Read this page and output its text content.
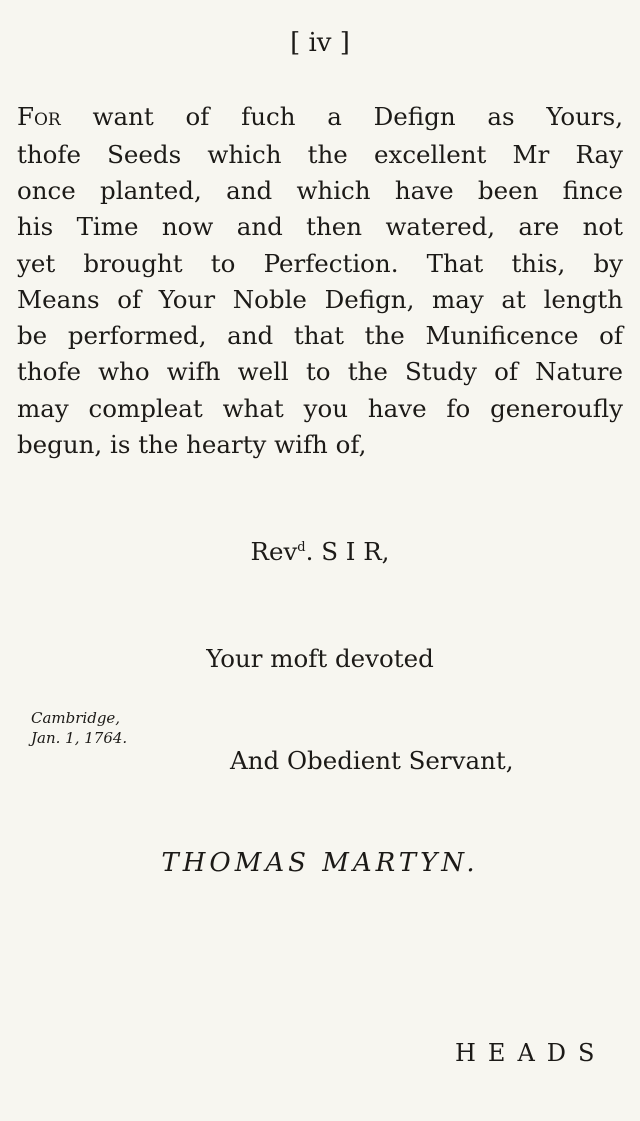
[ iv ]
For want of fuch a Defign as Yours,
thofe Seeds which the excellent Mr Ray
once planted, and which have been fince
his Time now and then watered, are not
yet brought to Perfection. That this, by
Means of Your Noble Defign, may at length
be performed, and that the Munificence of
thofe who wifh well to the Study of Nature
may compleat what you have fo generoufly
begun, is the hearty wifh of,
Rev$^d$. S I R,
Your moft devoted
Cambridge,
Jan. 1, 1764.
And Obedient Servant,
THOMAS MARTYN.
HEADS
